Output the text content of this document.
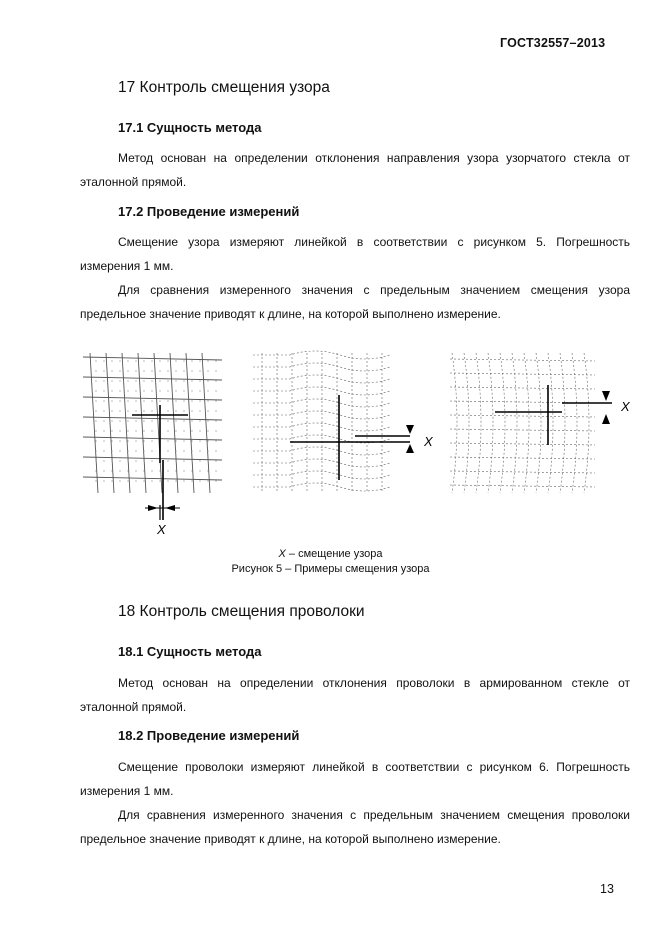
ГОСТ32557–2013
17 Контроль смещения узора
17.1 Сущность метода
Метод основан на определении отклонения направления узора узорчатого стекла от эталонной прямой.
17.2 Проведение измерений
Смещение узора измеряют линейкой в соответствии с рисунком 5. Погрешность измерения 1 мм.
Для сравнения измеренного значения с предельным значением смещения узора предельное значение приводят к длине, на которой выполнено измерение.
X
X
X
X – смещение узора
Рисунок 5 – Примеры смещения узора
18 Контроль смещения проволоки
18.1 Сущность метода
Метод основан на определении отклонения проволоки в армированном стекле от эталонной прямой.
18.2 Проведение измерений
Смещение проволоки измеряют линейкой в соответствии с рисунком 6. Погрешность измерения 1 мм.
Для сравнения измеренного значения с предельным значением смещения проволоки предельное значение приводят к длине, на которой выполнено измерение.
13
